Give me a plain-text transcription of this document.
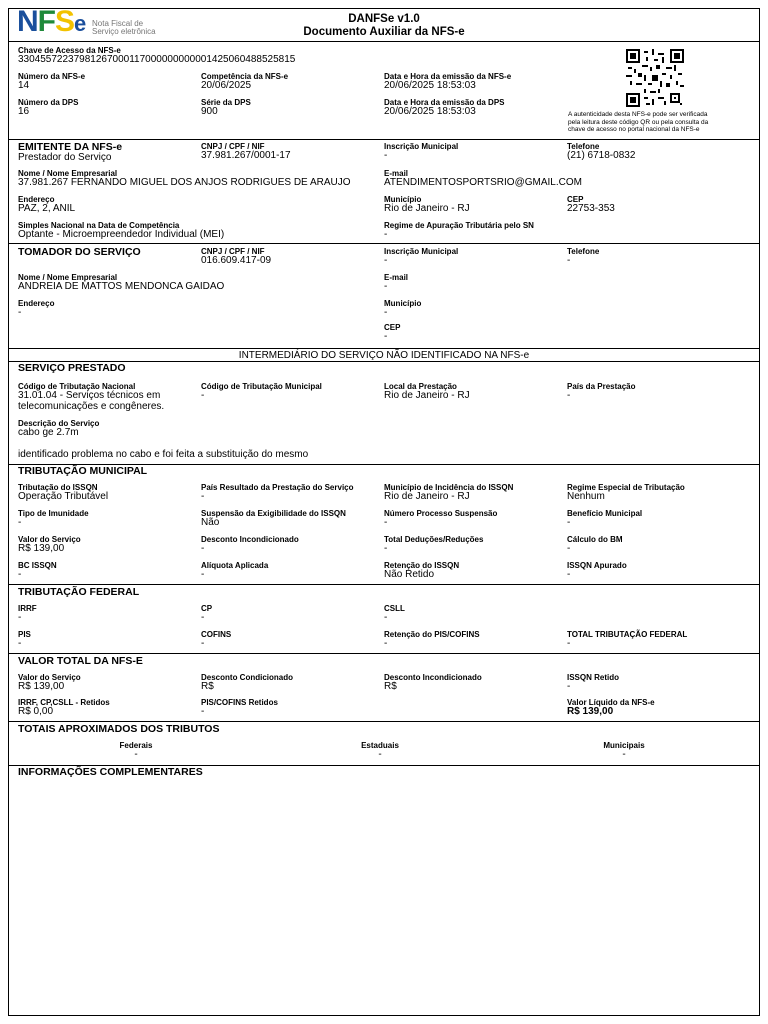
NFSe Nota Fiscal de
Serviço eletrônica
DANFSe v1.0
Documento Auxiliar da NFS-e
Chave de Acesso da NFS-e
33045572237981267000117000000000001425060488525815
Número da NFS-e
14
Competência da NFS-e
20/06/2025
Data e Hora da emissão da NFS-e
20/06/2025 18:53:03
Número da DPS
16
Série da DPS
900
Data e Hora da emissão da DPS
20/06/2025 18:53:03	A autenticidade desta NFS-e pode ser verificada
pela leitura deste código QR ou pela consulta da
chave de acesso no portal nacional da NFS-e
EMITENTE DA NFS-e
Prestador do Serviço
CNPJ / CPF / NIF
37.981.267/0001-17
Inscrição Municipal
-
Telefone
(21) 6718-0832
Nome / Nome Empresarial
37.981.267 FERNANDO MIGUEL DOS ANJOS RODRIGUES DE ARAUJO
E-mail
ATENDIMENTOSPORTSRIO@GMAIL.COM
Endereço
PAZ, 2, ANIL
Município
Rio de Janeiro - RJ
CEP
22753-353
Simples Nacional na Data de Competência
Optante - Microempreendedor Individual (MEI)
Regime de Apuração Tributária pelo SN
-
TOMADOR DO SERVIÇO	CNPJ / CPF / NIF
016.609.417-09
Inscrição Municipal
-
Telefone
-
Nome / Nome Empresarial
ANDREIA DE MATTOS MENDONCA GAIDAO
E-mail
-
Endereço
-
Município
-
CEP
-
INTERMEDIÁRIO DO SERVIÇO NÃO IDENTIFICADO NA NFS-e
SERVIÇO PRESTADO
Código de Tributação Nacional
31.01.04 - Serviços técnicos em
telecomunicações e congêneres.
Código de Tributação Municipal
-
Local da Prestação
Rio de Janeiro - RJ
País da Prestação
-
Descrição do Serviço
cabo ge 2.7m
identificado problema no cabo e foi feita a substituição do mesmo
TRIBUTAÇÃO MUNICIPAL
Tributação do ISSQN
Operação Tributável
País Resultado da Prestação do Serviço
-
Município de Incidência do ISSQN
Rio de Janeiro - RJ
Regime Especial de Tributação
Nenhum
Tipo de Imunidade
-
Suspensão da Exigibilidade do ISSQN
Não
Número Processo Suspensão
-
Benefício Municipal
-
Valor do Serviço
R$ 139,00
Desconto Incondicionado
-
Total Deduções/Reduções
-
Cálculo do BM
-
BC ISSQN
-
Alíquota Aplicada
-
Retenção do ISSQN
Não Retido
ISSQN Apurado
-
TRIBUTAÇÃO FEDERAL
IRRF
-
CP
-
CSLL
-
PIS
-
COFINS
-
Retenção do PIS/COFINS
-
TOTAL TRIBUTAÇÃO FEDERAL
-
VALOR TOTAL DA NFS-E
Valor do Serviço
R$ 139,00
Desconto Condicionado
R$
Desconto Incondicionado
R$
ISSQN Retido
-
IRRF, CP,CSLL - Retidos
R$ 0,00
PIS/COFINS Retidos
-
Valor Líquido da NFS-e
R$ 139,00
TOTAIS APROXIMADOS DOS TRIBUTOS
Federais
-
Estaduais
-
Municipais
-
INFORMAÇÕES COMPLEMENTARES
